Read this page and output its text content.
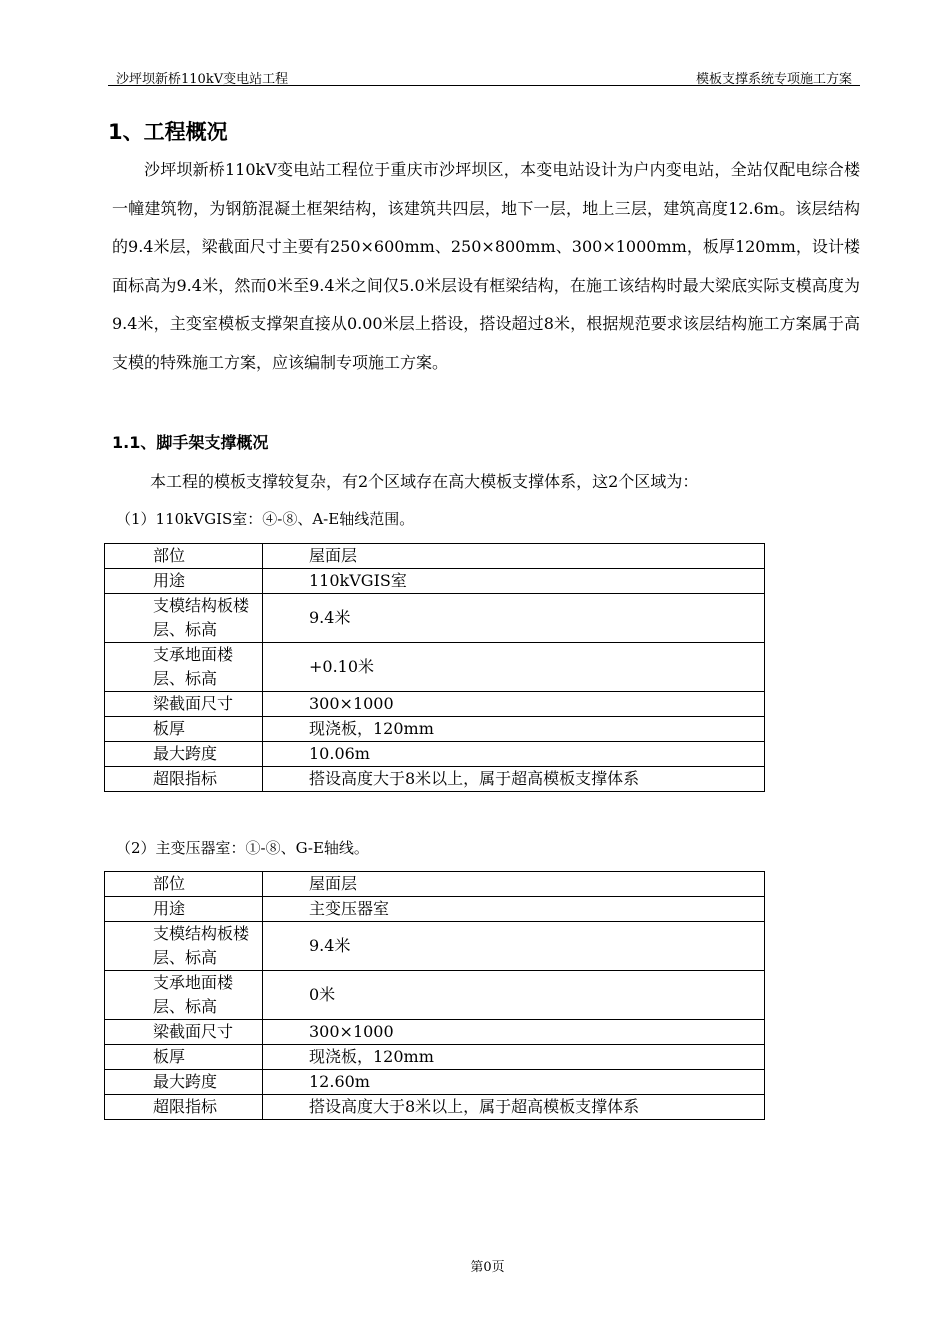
沙坪坝新桥110kV变电站工程	模板支撑系统专项施工方案
1、工程概况

沙坪坝新桥110kV变电站工程位于重庆市沙坪坝区，本变电站设计为户内变电站，全站仅配电综合楼一幢建筑物，为钢筋混凝土框架结构，该建筑共四层，地下一层，地上三层，建筑高度12.6m。该层结构的9.4米层，梁截面尺寸主要有250×600mm、250×800mm、300×1000mm，板厚120mm，设计楼面标高为9.4米，然而0米至9.4米之间仅5.0米层设有框梁结构，在施工该结构时最大梁底实际支模高度为9.4米，主变室模板支撑架直接从0.00米层上搭设，搭设超过8米，根据规范要求该层结构施工方案属于高支模的特殊施工方案，应该编制专项施工方案。

1.1、脚手架支撑概况
本工程的模板支撑较复杂，有2个区域存在高大模板支撑体系，这2个区域为：
（1）110kVGIS室：④-⑧、A-E轴线范围。
部位	屋面层
用途	110kVGIS室
支模结构板楼层、标高	9.4米
支承地面楼层、标高	+0.10米
梁截面尺寸	300×1000
板厚	现浇板，120mm
最大跨度	10.06m
超限指标	搭设高度大于8米以上，属于超高模板支撑体系
（2）主变压器室：①-⑧、G-E轴线。
部位	屋面层
用途	主变压器室
支模结构板楼层、标高	9.4米
支承地面楼层、标高	0米
梁截面尺寸	300×1000
板厚	现浇板，120mm
最大跨度	12.60m
超限指标	搭设高度大于8米以上，属于超高模板支撑体系
第0页
